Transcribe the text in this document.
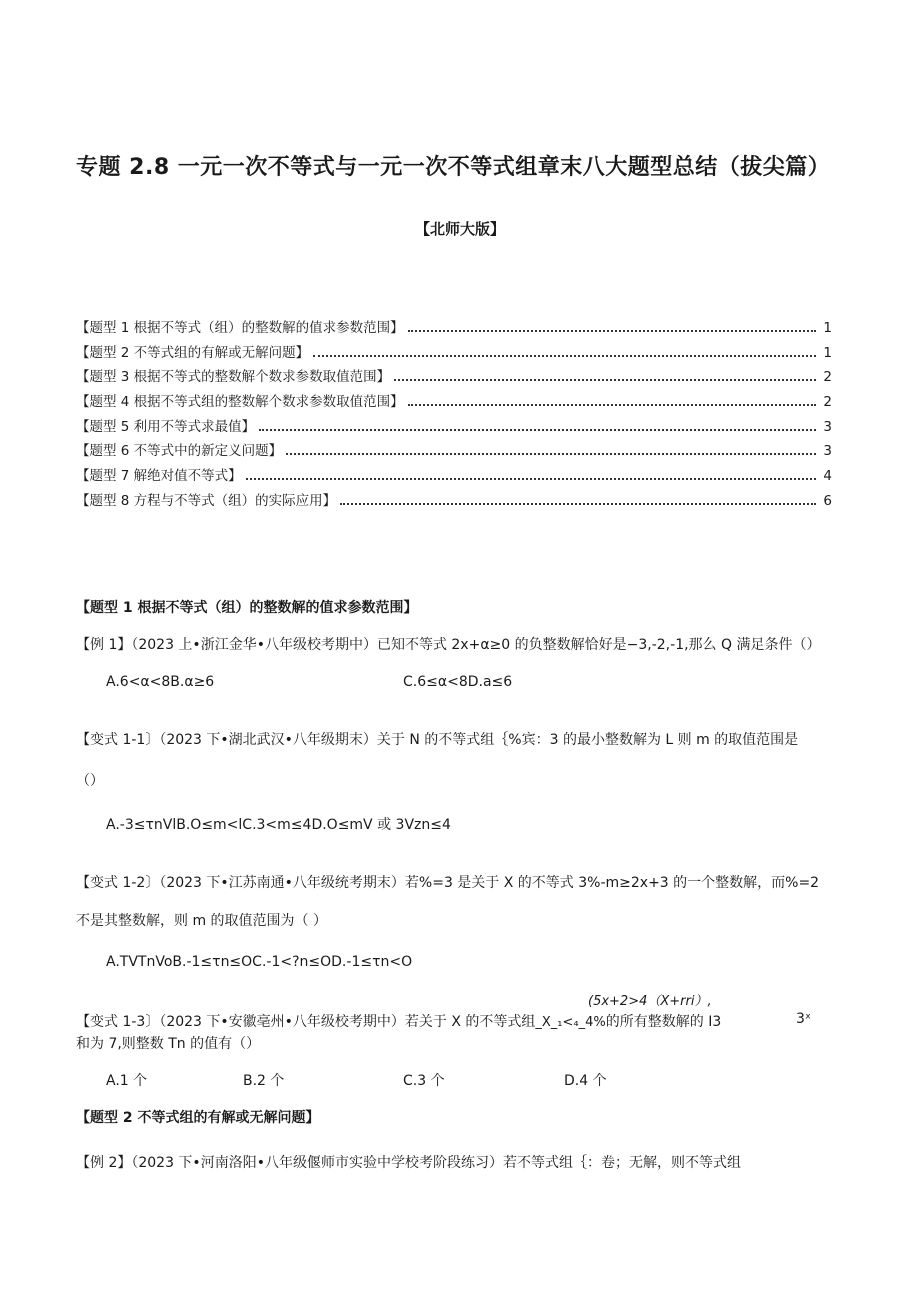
专题 2.8 一元一次不等式与一元一次不等式组章末八大题型总结（拔尖篇）
【北师大版】
【题型 1 根据不等式（组）的整数解的值求参数范围】	1
【题型 2 不等式组的有解或无解问题】	1
【题型 3 根据不等式的整数解个数求参数取值范围】	2
【题型 4 根据不等式组的整数解个数求参数取值范围】	2
【题型 5 利用不等式求最值】	3
【题型 6 不等式中的新定义问题】	3
【题型 7 解绝对值不等式】	4
【题型 8 方程与不等式（组）的实际应用】	6
【题型 1 根据不等式（组）的整数解的值求参数范围】
【例 1】（2023 上•浙江金华•八年级校考期中）已知不等式 2x+α≥0 的负整数解恰好是−3,-2,-1,那么 Q 满足条件（）
A.6<α<8B.α≥6	C.6≤α<8D.a≤6
【变式 1-1〕（2023 下•湖北武汉•八年级期末）关于 N 的不等式组｛%宾：3 的最小整数解为 L 则 m 的取值范围是
（）
A.-3≤τnVlB.O≤m<lC.3<m≤4D.O≤mV 或 3Vzn≤4
【变式 1-2〕（2023 下•江苏南通•八年级统考期末）若%=3 是关于 X 的不等式 3%-m≥2x+3 的一个整数解，而%=2
不是其整数解，则 m 的取值范围为（ ）
A.TVTnVoB.-1≤τn≤OC.-1<?n≤OD.-1≤τn<O
(5x+2>4（X+rri）,
【变式 1-3〕（2023 下•安徽亳州•八年级校考期中）若关于 X 的不等式组_X_₁<₄_4%的所有整数解的 I3	3ˣ
和为 7,则整数 Tn 的值有（）
A.1 个	B.2 个	C.3 个	D.4 个
【题型 2 不等式组的有解或无解问题】
【例 2】（2023 下•河南洛阳•八年级偃师市实验中学校考阶段练习）若不等式组｛：卷；无解，则不等式组
